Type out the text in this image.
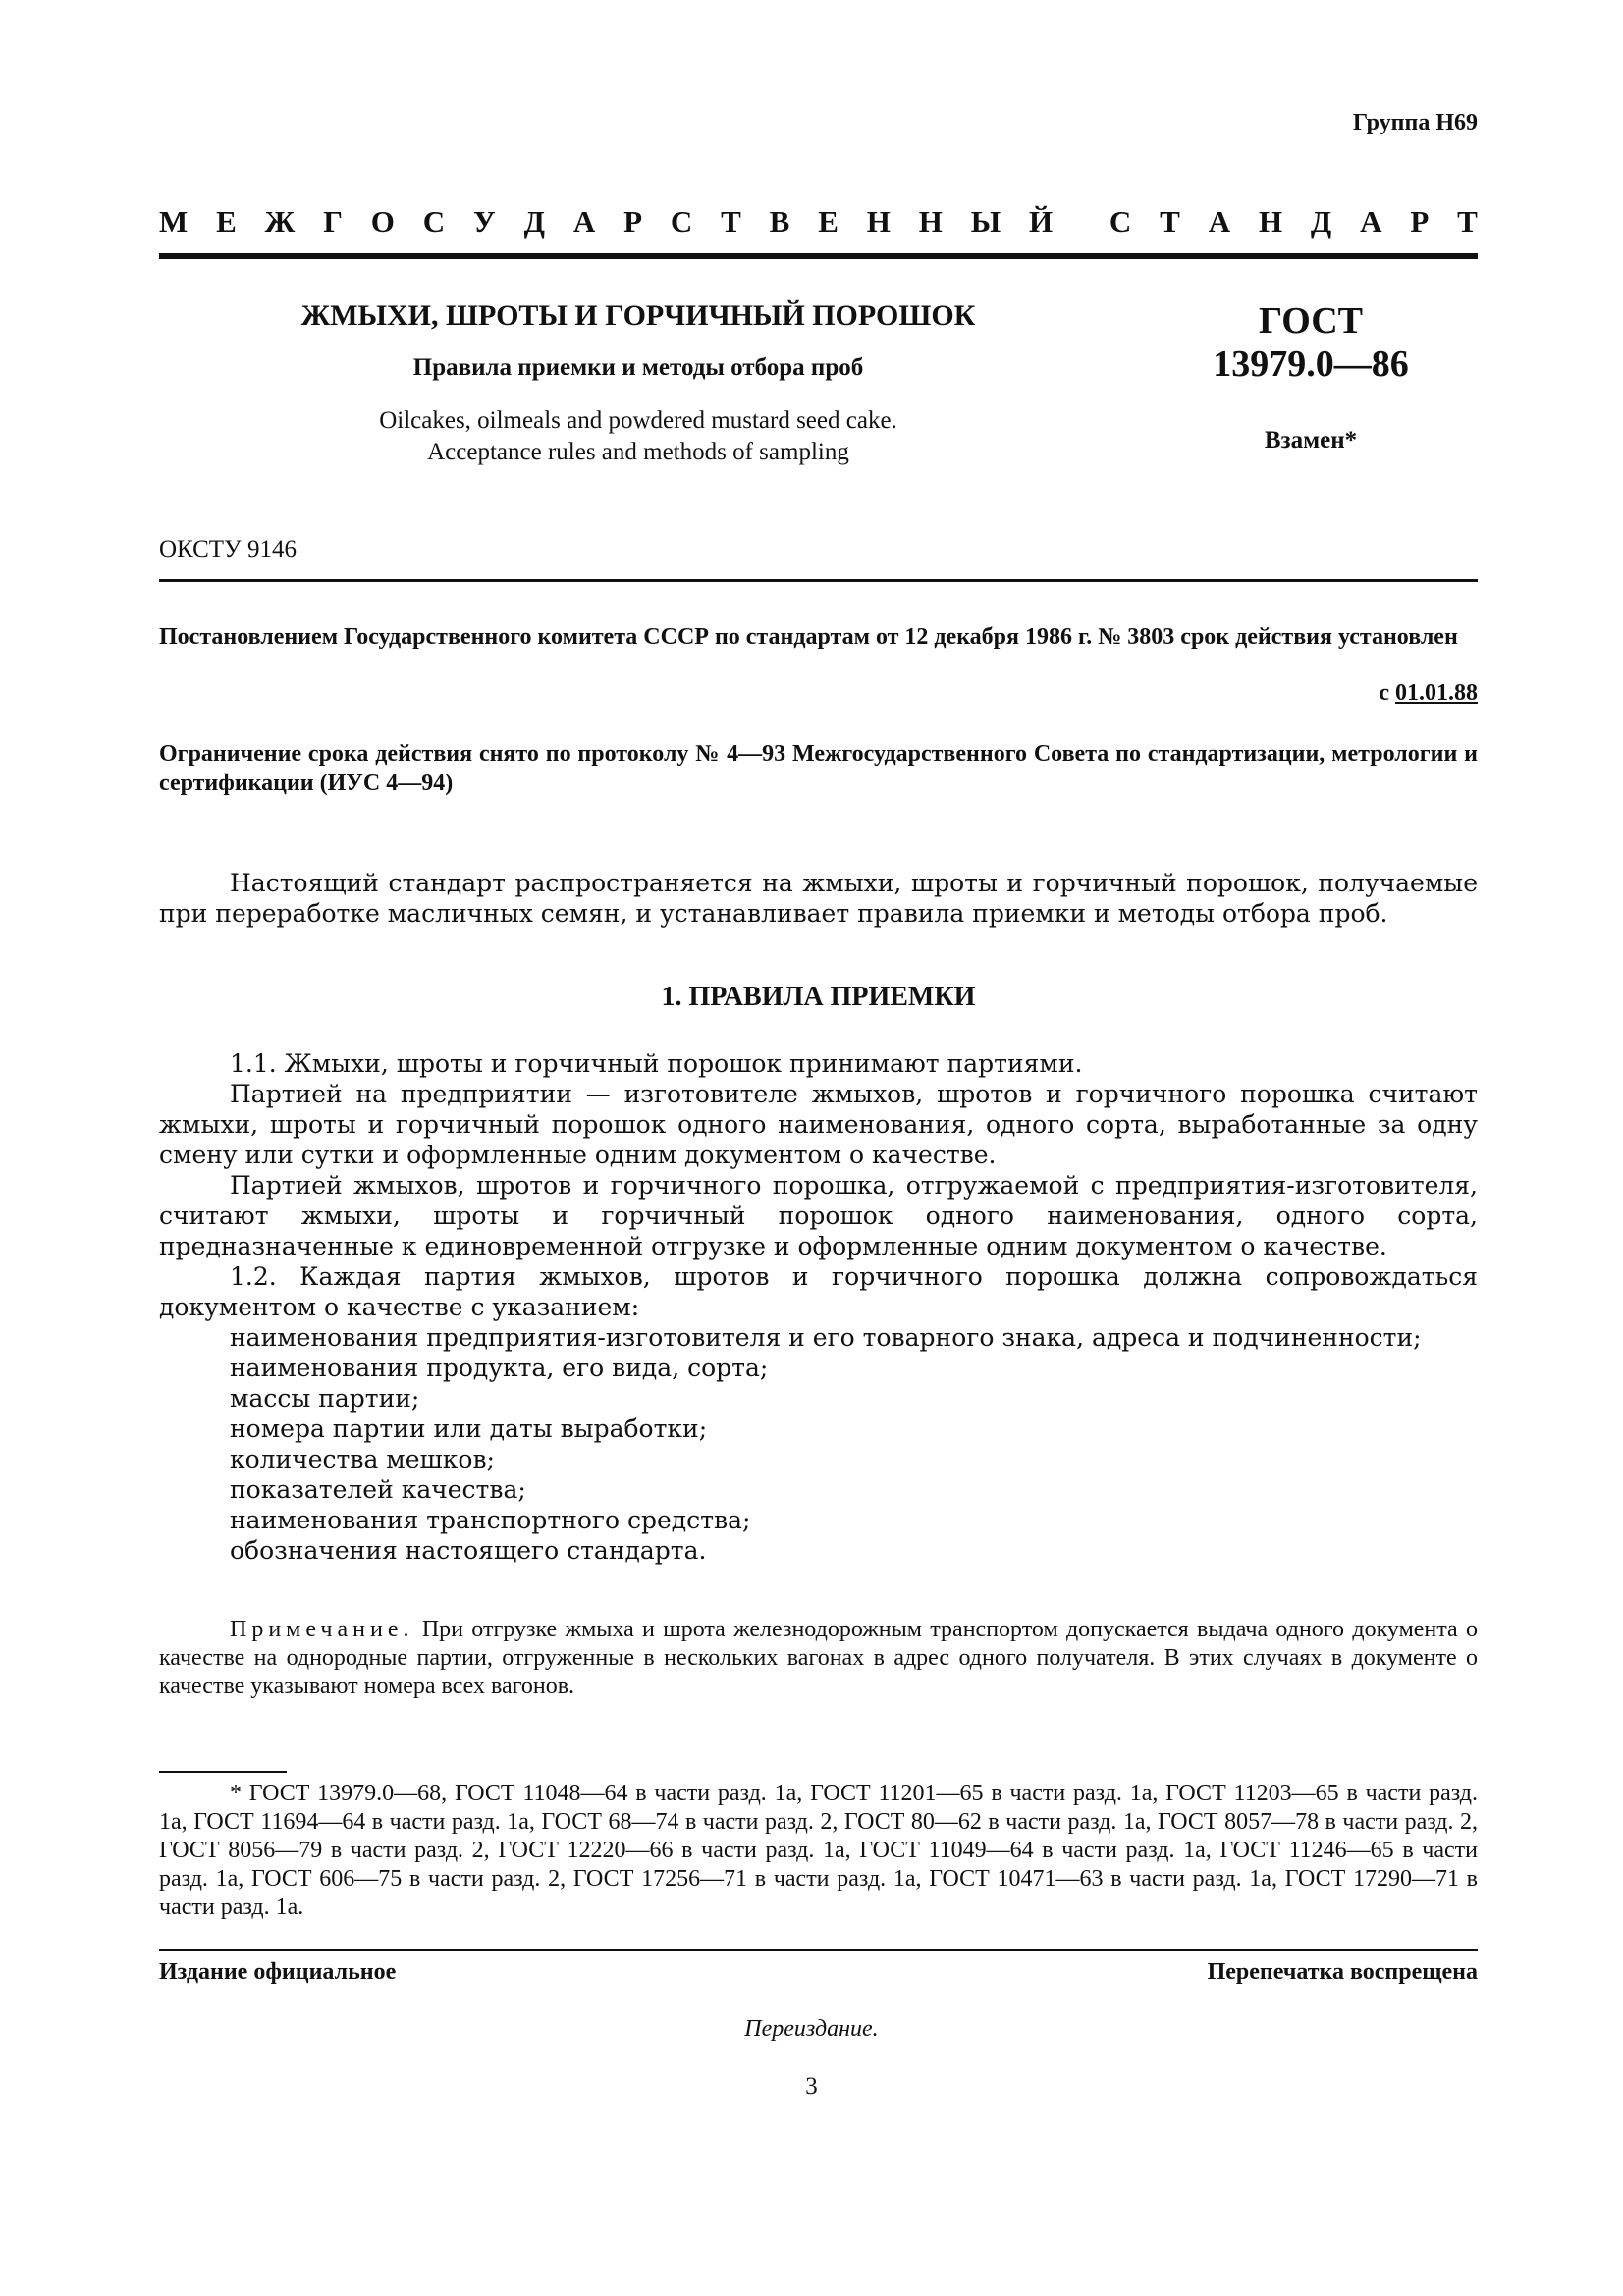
Группа Н69
М Е Ж Г О С У Д А Р С Т В Е Н Н Ы Й С Т А Н Д А Р Т
ЖМЫХИ, ШРОТЫ И ГОРЧИЧНЫЙ ПОРОШОК
Правила приемки и методы отбора проб
Oilcakes, oilmeals and powdered mustard seed cake.
Acceptance rules and methods of sampling
ГОСТ
13979.0—86
Взамен*
ОКСТУ 9146
Постановлением Государственного комитета СССР по стандартам от 12 декабря 1986 г. № 3803 срок действия установлен
с 01.01.88
Ограничение срока действия снято по протоколу № 4—93 Межгосударственного Совета по стандартизации, метрологии и сертификации (ИУС 4—94)
Настоящий стандарт распространяется на жмыхи, шроты и горчичный порошок, получаемые при переработке масличных семян, и устанавливает правила приемки и методы отбора проб.
1. ПРАВИЛА ПРИЕМКИ
1.1. Жмыхи, шроты и горчичный порошок принимают партиями.
Партией на предприятии — изготовителе жмыхов, шротов и горчичного порошка считают жмыхи, шроты и горчичный порошок одного наименования, одного сорта, выработанные за одну смену или сутки и оформленные одним документом о качестве.
Партией жмыхов, шротов и горчичного порошка, отгружаемой с предприятия-изготовителя, считают жмыхи, шроты и горчичный порошок одного наименования, одного сорта, предназначенные к единовременной отгрузке и оформленные одним документом о качестве.
1.2. Каждая партия жмыхов, шротов и горчичного порошка должна сопровождаться документом о качестве с указанием:
наименования предприятия-изготовителя и его товарного знака, адреса и подчиненности;
наименования продукта, его вида, сорта;
массы партии;
номера партии или даты выработки;
количества мешков;
показателей качества;
наименования транспортного средства;
обозначения настоящего стандарта.
Примечание. При отгрузке жмыха и шрота железнодорожным транспортом допускается выдача одного документа о качестве на однородные партии, отгруженные в нескольких вагонах в адрес одного получателя. В этих случаях в документе о качестве указывают номера всех вагонов.
* ГОСТ 13979.0—68, ГОСТ 11048—64 в части разд. 1а, ГОСТ 11201—65 в части разд. 1а, ГОСТ 11203—65 в части разд. 1а, ГОСТ 11694—64 в части разд. 1а, ГОСТ 68—74 в части разд. 2, ГОСТ 80—62 в части разд. 1а, ГОСТ 8057—78 в части разд. 2, ГОСТ 8056—79 в части разд. 2, ГОСТ 12220—66 в части разд. 1а, ГОСТ 11049—64 в части разд. 1а, ГОСТ 11246—65 в части разд. 1а, ГОСТ 606—75 в части разд. 2, ГОСТ 17256—71 в части разд. 1а, ГОСТ 10471—63 в части разд. 1а, ГОСТ 17290—71 в части разд. 1а.
Издание официальное	Перепечатка воспрещена
Переиздание.
3
